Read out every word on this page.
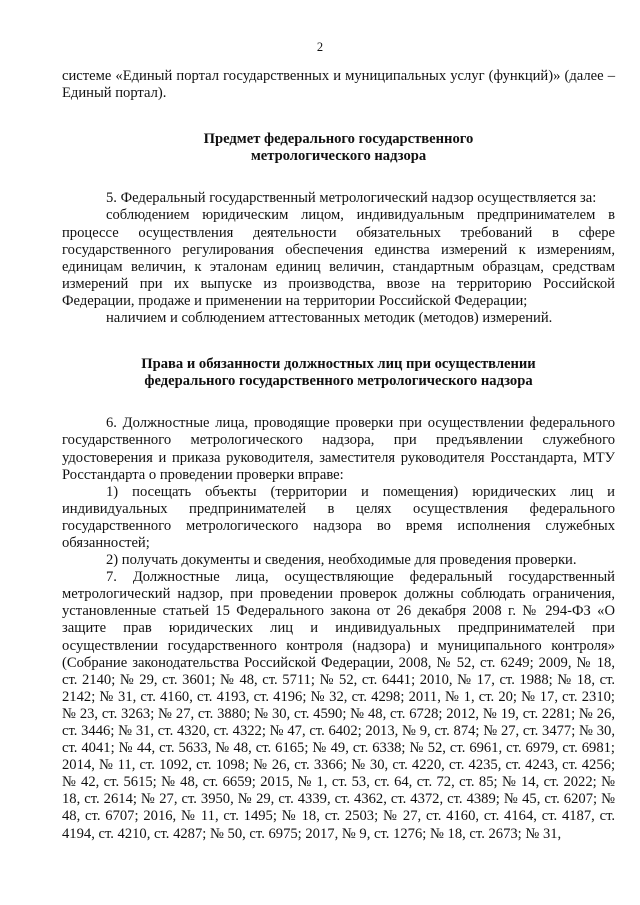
2

системе «Единый портал государственных и муниципальных услуг (функций)» (далее – Единый портал).

Предмет федерального государственного
метрологического надзора

5. Федеральный государственный метрологический надзор осуществляется за:

соблюдением юридическим лицом, индивидуальным предпринимателем в процессе осуществления деятельности обязательных требований в сфере государственного регулирования обеспечения единства измерений к измерениям, единицам величин, к эталонам единиц величин, стандартным образцам, средствам измерений при их выпуске из производства, ввозе на территорию Российской Федерации, продаже и применении на территории Российской Федерации;

наличием и соблюдением аттестованных методик (методов) измерений.

Права и обязанности должностных лиц при осуществлении
федерального государственного метрологического надзора

6. Должностные лица, проводящие проверки при осуществлении федерального государственного метрологического надзора, при предъявлении служебного удостоверения и приказа руководителя, заместителя руководителя Росстандарта, МТУ Росстандарта о проведении проверки вправе:

1) посещать объекты (территории и помещения) юридических лиц и индивидуальных предпринимателей в целях осуществления федерального государственного метрологического надзора во время исполнения служебных обязанностей;

2) получать документы и сведения, необходимые для проведения проверки.

7. Должностные лица, осуществляющие федеральный государственный метрологический надзор, при проведении проверок должны соблюдать ограничения, установленные статьей 15 Федерального закона от 26 декабря 2008 г. № 294-ФЗ «О защите прав юридических лиц и индивидуальных предпринимателей при осуществлении государственного контроля (надзора) и муниципального контроля» (Собрание законодательства Российской Федерации, 2008, № 52, ст. 6249; 2009, № 18, ст. 2140; № 29, ст. 3601; № 48, ст. 5711; № 52, ст. 6441; 2010, № 17, ст. 1988; № 18, ст. 2142; № 31, ст. 4160, ст. 4193, ст. 4196; № 32, ст. 4298; 2011, № 1, ст. 20; № 17, ст. 2310; № 23, ст. 3263; № 27, ст. 3880; № 30, ст. 4590; № 48, ст. 6728; 2012, № 19, ст. 2281; № 26, ст. 3446; № 31, ст. 4320, ст. 4322; № 47, ст. 6402; 2013, № 9, ст. 874; № 27, ст. 3477; № 30, ст. 4041; № 44, ст. 5633, № 48, ст. 6165; № 49, ст. 6338; № 52, ст. 6961, ст. 6979, ст. 6981; 2014, № 11, ст. 1092, ст. 1098; № 26, ст. 3366; № 30, ст. 4220, ст. 4235, ст. 4243, ст. 4256; № 42, ст. 5615; № 48, ст. 6659; 2015, № 1, ст. 53, ст. 64, ст. 72, ст. 85; № 14, ст. 2022; № 18, ст. 2614; № 27, ст. 3950, № 29, ст. 4339, ст. 4362, ст. 4372, ст. 4389; № 45, ст. 6207; № 48, ст. 6707; 2016, № 11, ст. 1495; № 18, ст. 2503; № 27, ст. 4160, ст. 4164, ст. 4187, ст. 4194, ст. 4210, ст. 4287; № 50, ст. 6975; 2017, № 9, ст. 1276; № 18, ст. 2673; № 31,
